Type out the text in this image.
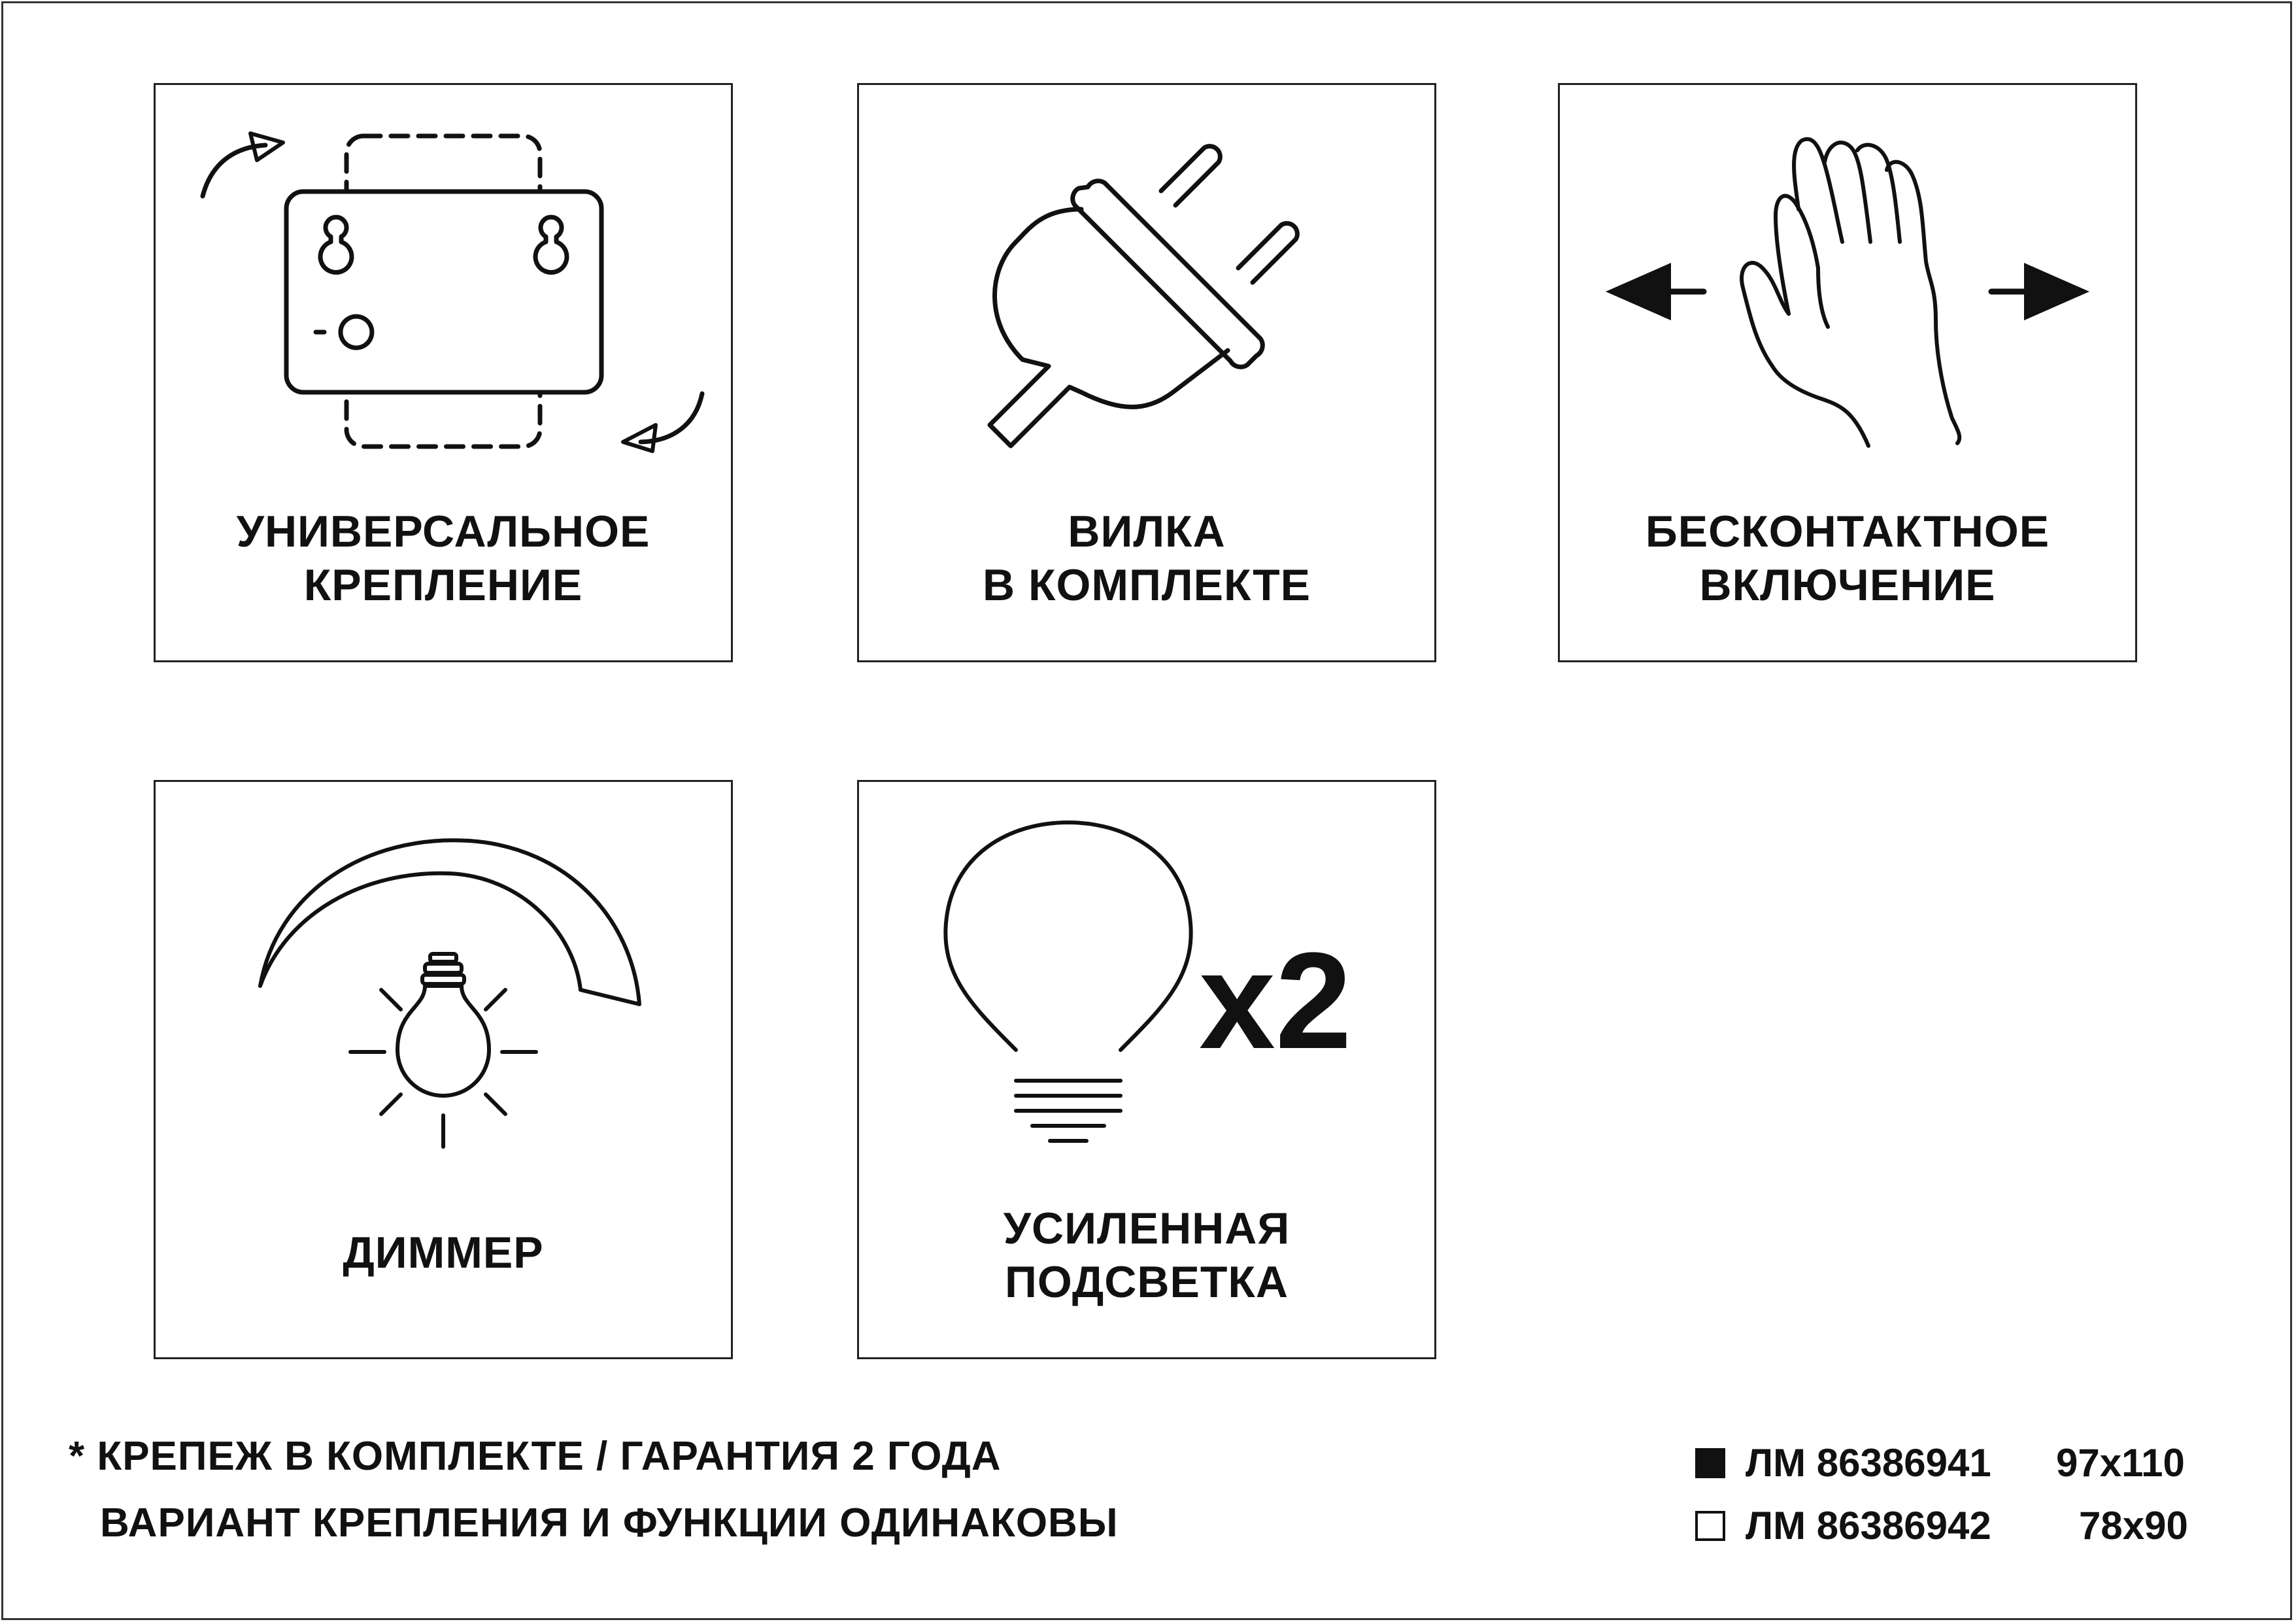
УНИВЕРСАЛЬНОЕ
КРЕПЛЕНИЕ
ВИЛКА
В КОМПЛЕКТЕ
БЕСКОНТАКТНОЕ
ВКЛЮЧЕНИЕ
ДИММЕР
x2
УСИЛЕННАЯ
ПОДСВЕТКА
* КРЕПЕЖ В КОМПЛЕКТЕ / ГАРАНТИЯ 2 ГОДА
ВАРИАНТ КРЕПЛЕНИЯ И ФУНКЦИИ ОДИНАКОВЫ
ЛМ 86386941 97x110
ЛМ 86386942 78x90
